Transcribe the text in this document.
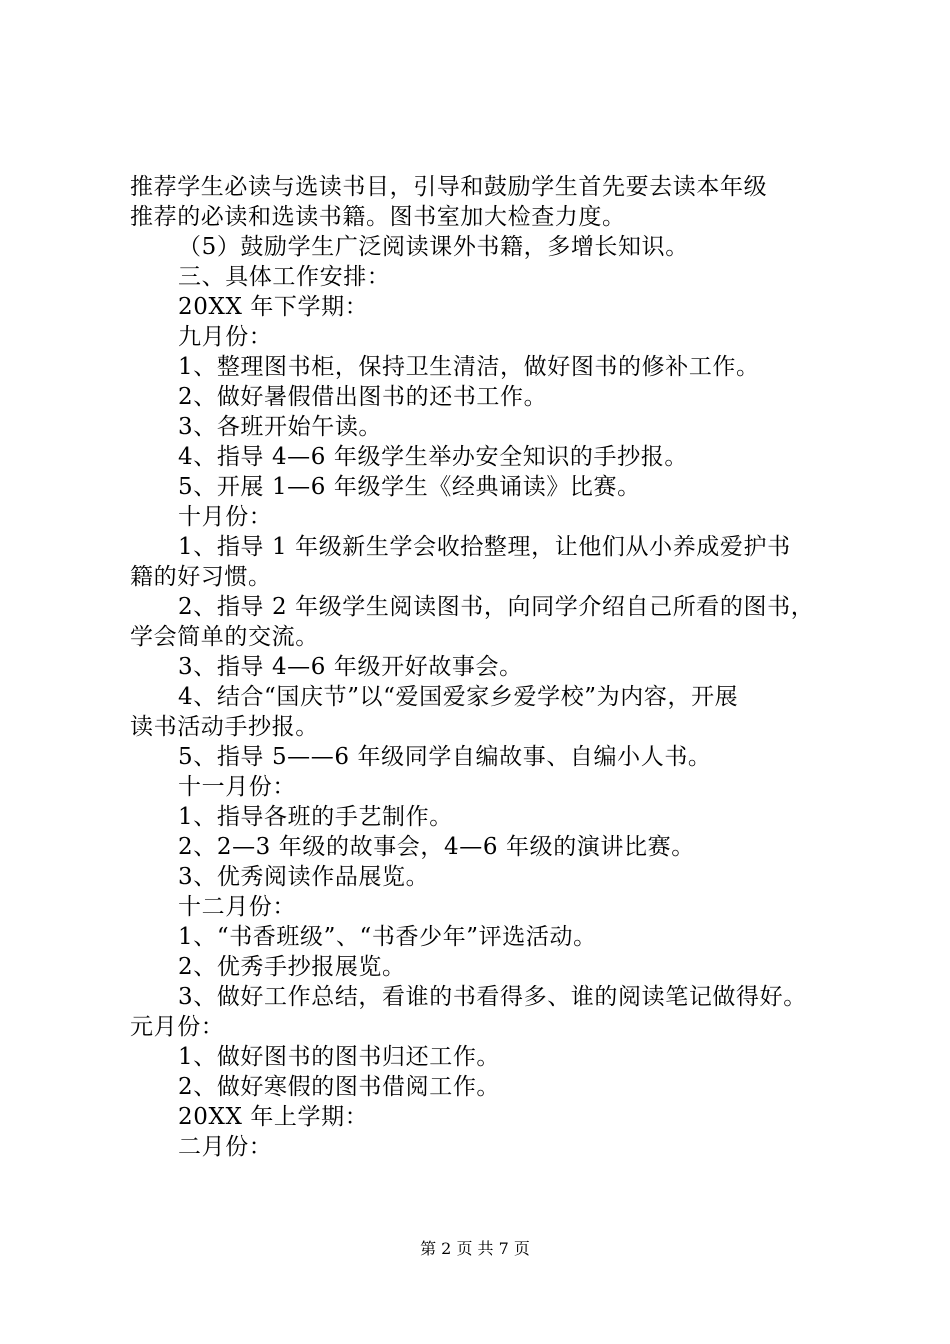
推荐学生必读与选读书目，引导和鼓励学生首先要去读本年级
推荐的必读和选读书籍。图书室加大检查力度。
（5）鼓励学生广泛阅读课外书籍，多增长知识。
三、具体工作安排：
20XX 年下学期：
九月份：
1、整理图书柜，保持卫生清洁，做好图书的修补工作。
2、做好暑假借出图书的还书工作。
3、各班开始午读。
4、指导 4—6 年级学生举办安全知识的手抄报。
5、开展 1—6 年级学生《经典诵读》比赛。
十月份：
1、指导 1 年级新生学会收拾整理，让他们从小养成爱护书
籍的好习惯。
2、指导 2 年级学生阅读图书，向同学介绍自己所看的图书，
学会简单的交流。
3、指导 4—6 年级开好故事会。
4、结合“国庆节”以“爱国爱家乡爱学校”为内容，开展
读书活动手抄报。
5、指导 5——6 年级同学自编故事、自编小人书。
十一月份：
1、指导各班的手艺制作。
2、2—3 年级的故事会，4—6 年级的演讲比赛。
3、优秀阅读作品展览。
十二月份：
1、“书香班级”、“书香少年”评选活动。
2、优秀手抄报展览。
3、做好工作总结，看谁的书看得多、谁的阅读笔记做得好。
元月份：
1、做好图书的图书归还工作。
2、做好寒假的图书借阅工作。
20XX 年上学期：
二月份：
第 2 页 共 7 页
